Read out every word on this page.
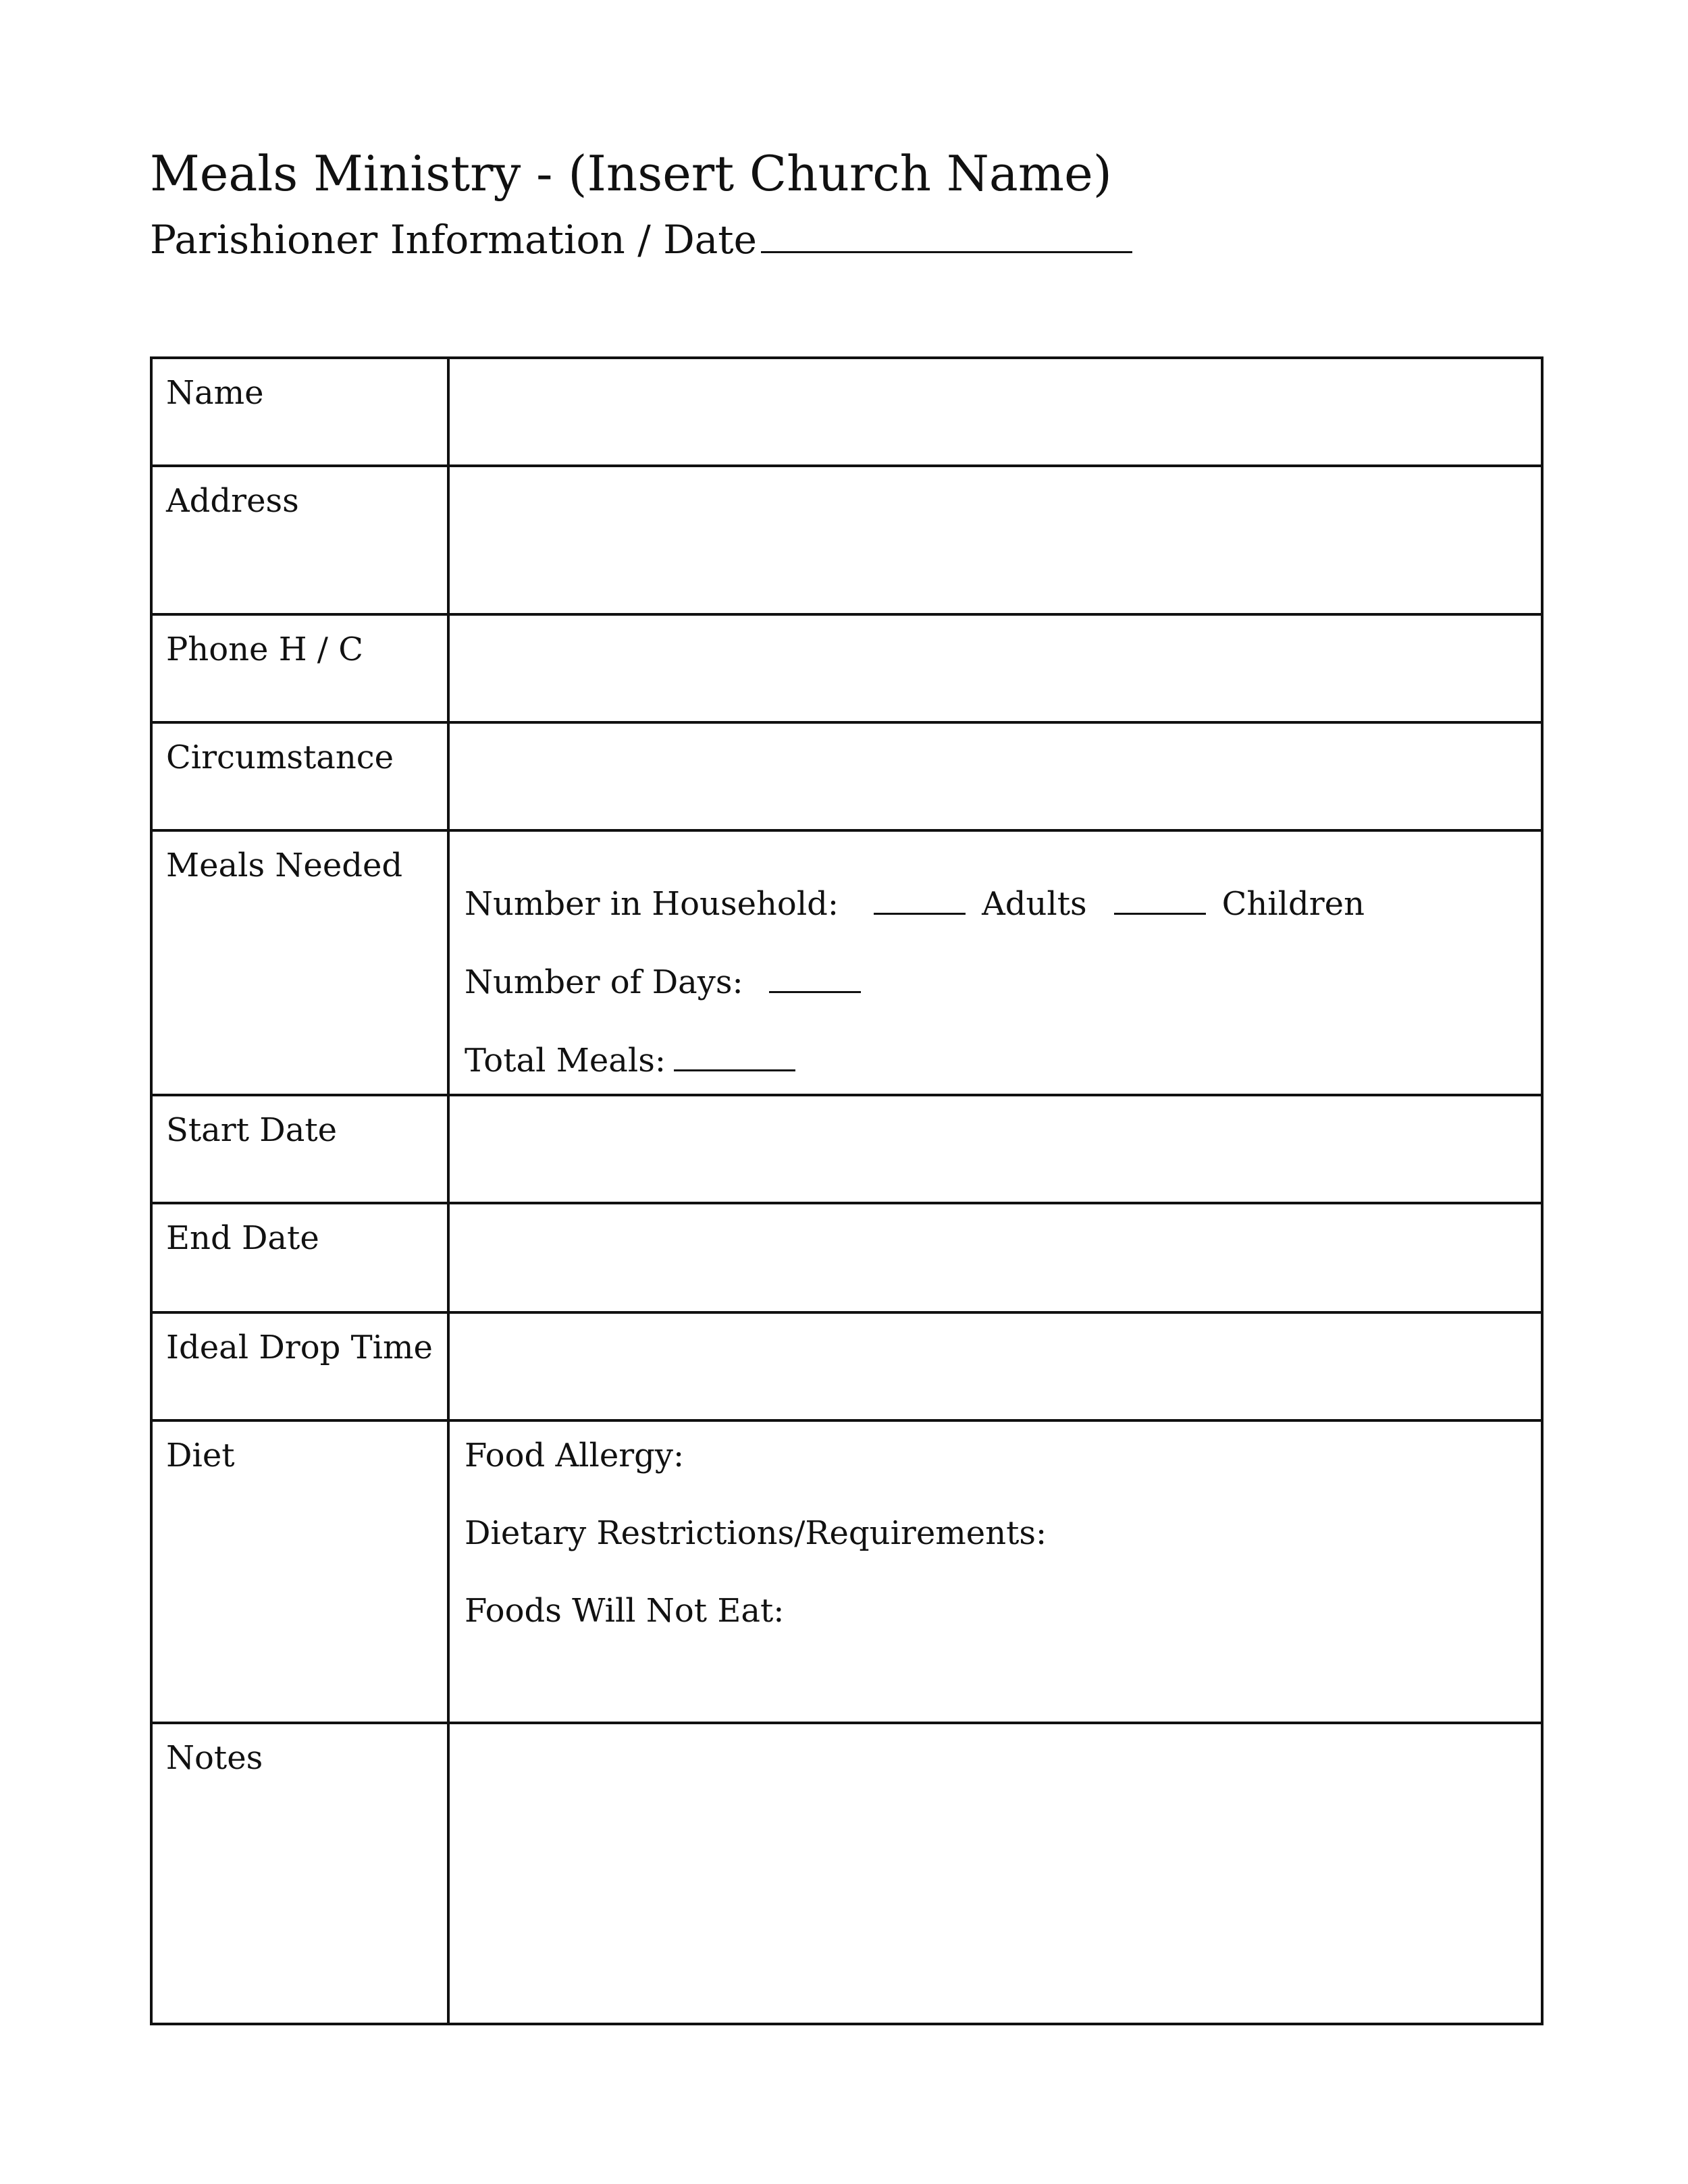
Meals Ministry - (Insert Church Name)
Parishioner Information / Date
Name	

Address	

Phone H / C	

Circumstance	

Meals Needed	Number in Household: Adults Children
Number of Days:
Total Meals:

Start Date	

End Date	

Ideal Drop Time	

Diet	Food Allergy:
Dietary Restrictions/Requirements:
Foods Will Not Eat:

Notes	
